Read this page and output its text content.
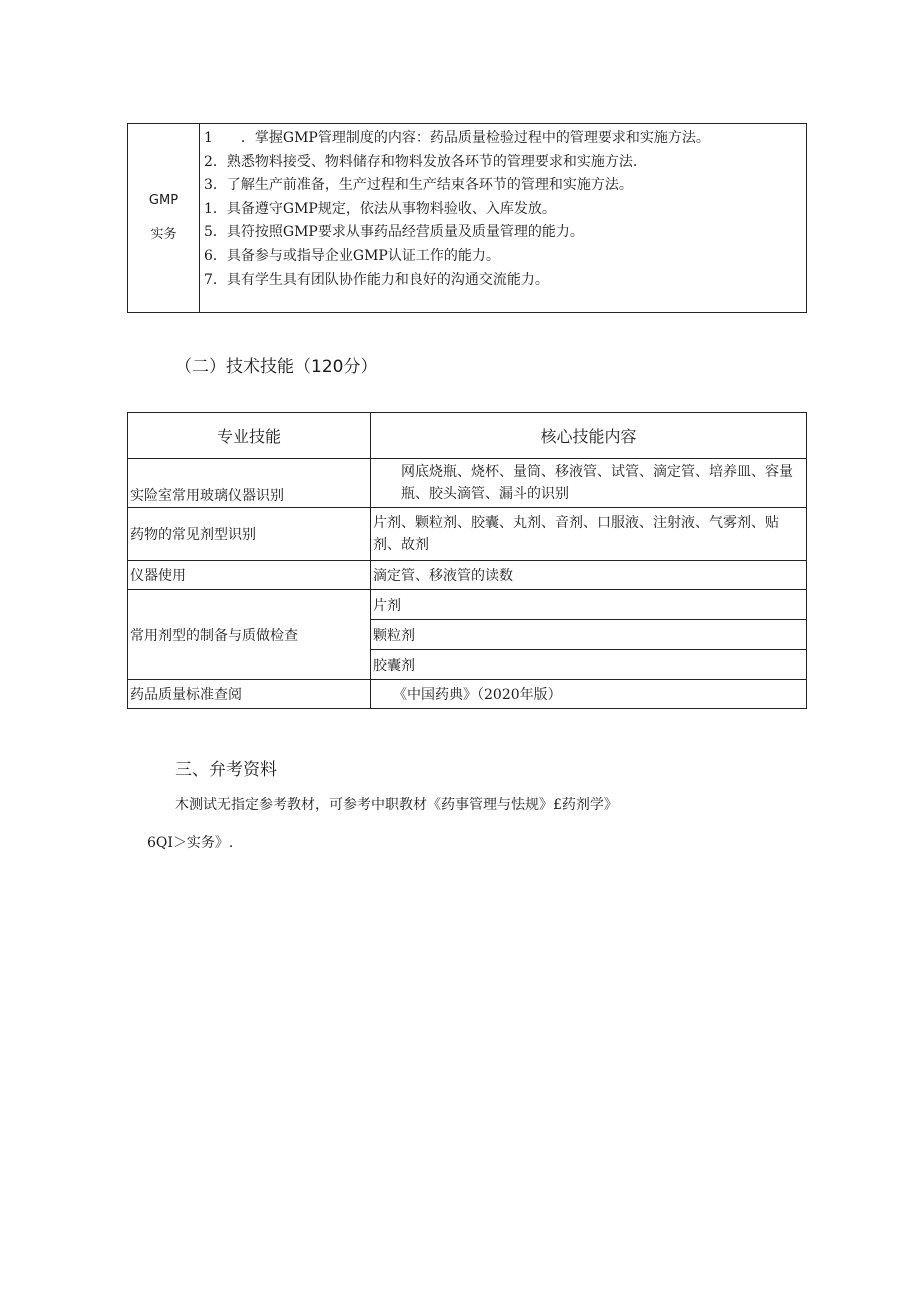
GMP
实务

1　　．掌握GMP管理制度的内容：药品质量检验过程中的管理要求和实施方法。
2．熟悉物料接受、物料储存和物料发放各环节的管理要求和实施方法.
3．了解生产前准备，生产过程和生产结束各环节的管理和实施方法。
1．具备遵守GMP规定，依法从事物料验收、入库发放。
5．具符按照GMP要求从事药品经营质量及质量管理的能力。
6．具备参与或指导企业GMP认证工作的能力。
7．具有学生具有团队协作能力和良好的沟通交流能力。
（二）技术技能（120分）
专业技能	核心技能内容
实险室常用玻璃仪器识别	网底烧瓶、烧杯、量筒、移液管、试管、滴定管、培养皿、容量瓶、胶头滴管、漏斗的识别
药物的常见剂型识别	片剂、颗粒剂、胶囊、丸剂、音剂、口服液、注射液、气雾剂、贴剂、故剂
仪器使用	滴定管、移液管的读数
常用剂型的制备与质做检查	片剂
	颗粒剂
	胶囊剂
药品质量标准查阅	《中国药典》（2020年版）
三、弁考资料
木测试无指定参考教材，可参考中职教材《药事管理与怯规》£药剂学》
6QI＞实务》.
